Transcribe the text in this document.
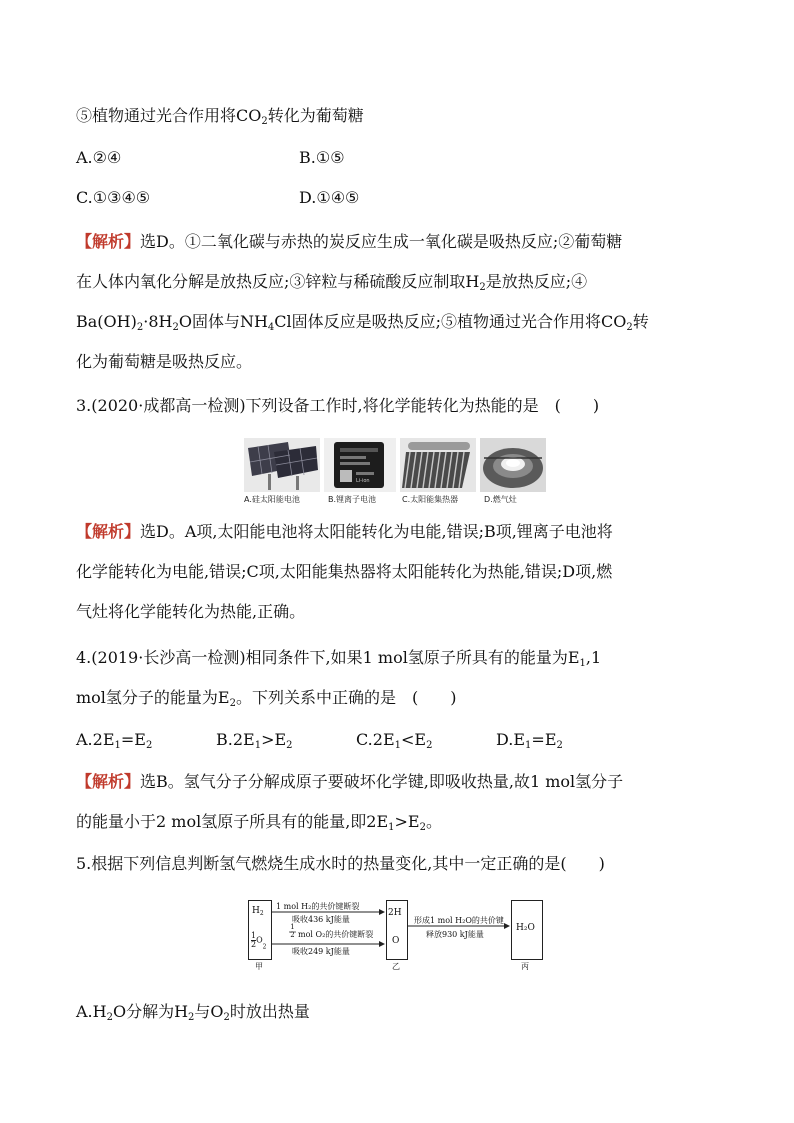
⑤植物通过光合作用将$CO_2$转化为葡萄糖
A.②④	B.①⑤
C.①③④⑤	D.①④⑤
【解析】选D。①二氧化碳与赤热的炭反应生成一氧化碳是吸热反应;②葡萄糖
在人体内氧化分解是放热反应;③锌粒与稀硫酸反应制取$H_2$是放热反应;④
$Ba(OH)_2\cdot 8H_2O$固体与$NH_4Cl$固体反应是吸热反应;⑤植物通过光合作用将$CO_2$转
化为葡萄糖是吸热反应。
3.(2020·成都高一检测)下列设备工作时,将化学能转化为热能的是　(　　)
A.硅太阳能电池
Li-ion
B.锂离子电池	C.太阳能集热器	D.燃气灶
【解析】选D。A项,太阳能电池将太阳能转化为电能,错误;B项,锂离子电池将
化学能转化为电能,错误;C项,太阳能集热器将太阳能转化为热能,错误;D项,燃
气灶将化学能转化为热能,正确。
4.(2019·长沙高一检测)相同条件下,如果1 mol氢原子所具有的能量为$E_1,1$
mol氢分子的能量为$E_2$。下列关系中正确的是　(　　)
$A.2E_1=E_2$	$B.2E_1>E_2$	$C.2E_1<E_2$	$D.E_1=E_2$
【解析】选B。氢气分子分解成原子要破坏化学键,即吸收热量,故1 mol氢分子
的能量小于2 mol氢原子所具有的能量,即$2E_1>E_2$。
5.根据下列信息判断氢气燃烧生成水时的热量变化,其中一定正确的是(　　)
$H_2$
$\frac{1}{2} O_2$
甲
1 mol H₂的共价键断裂
吸收436 kJ能量
1
2 mol O₂的共价键断裂
吸收249 kJ能量
2H
O
乙
形成1 mol H₂O的共价键
释放930 kJ能量
H₂O
丙
$A.H_2O$分解为$H_2$与$O_2$时放出热量
